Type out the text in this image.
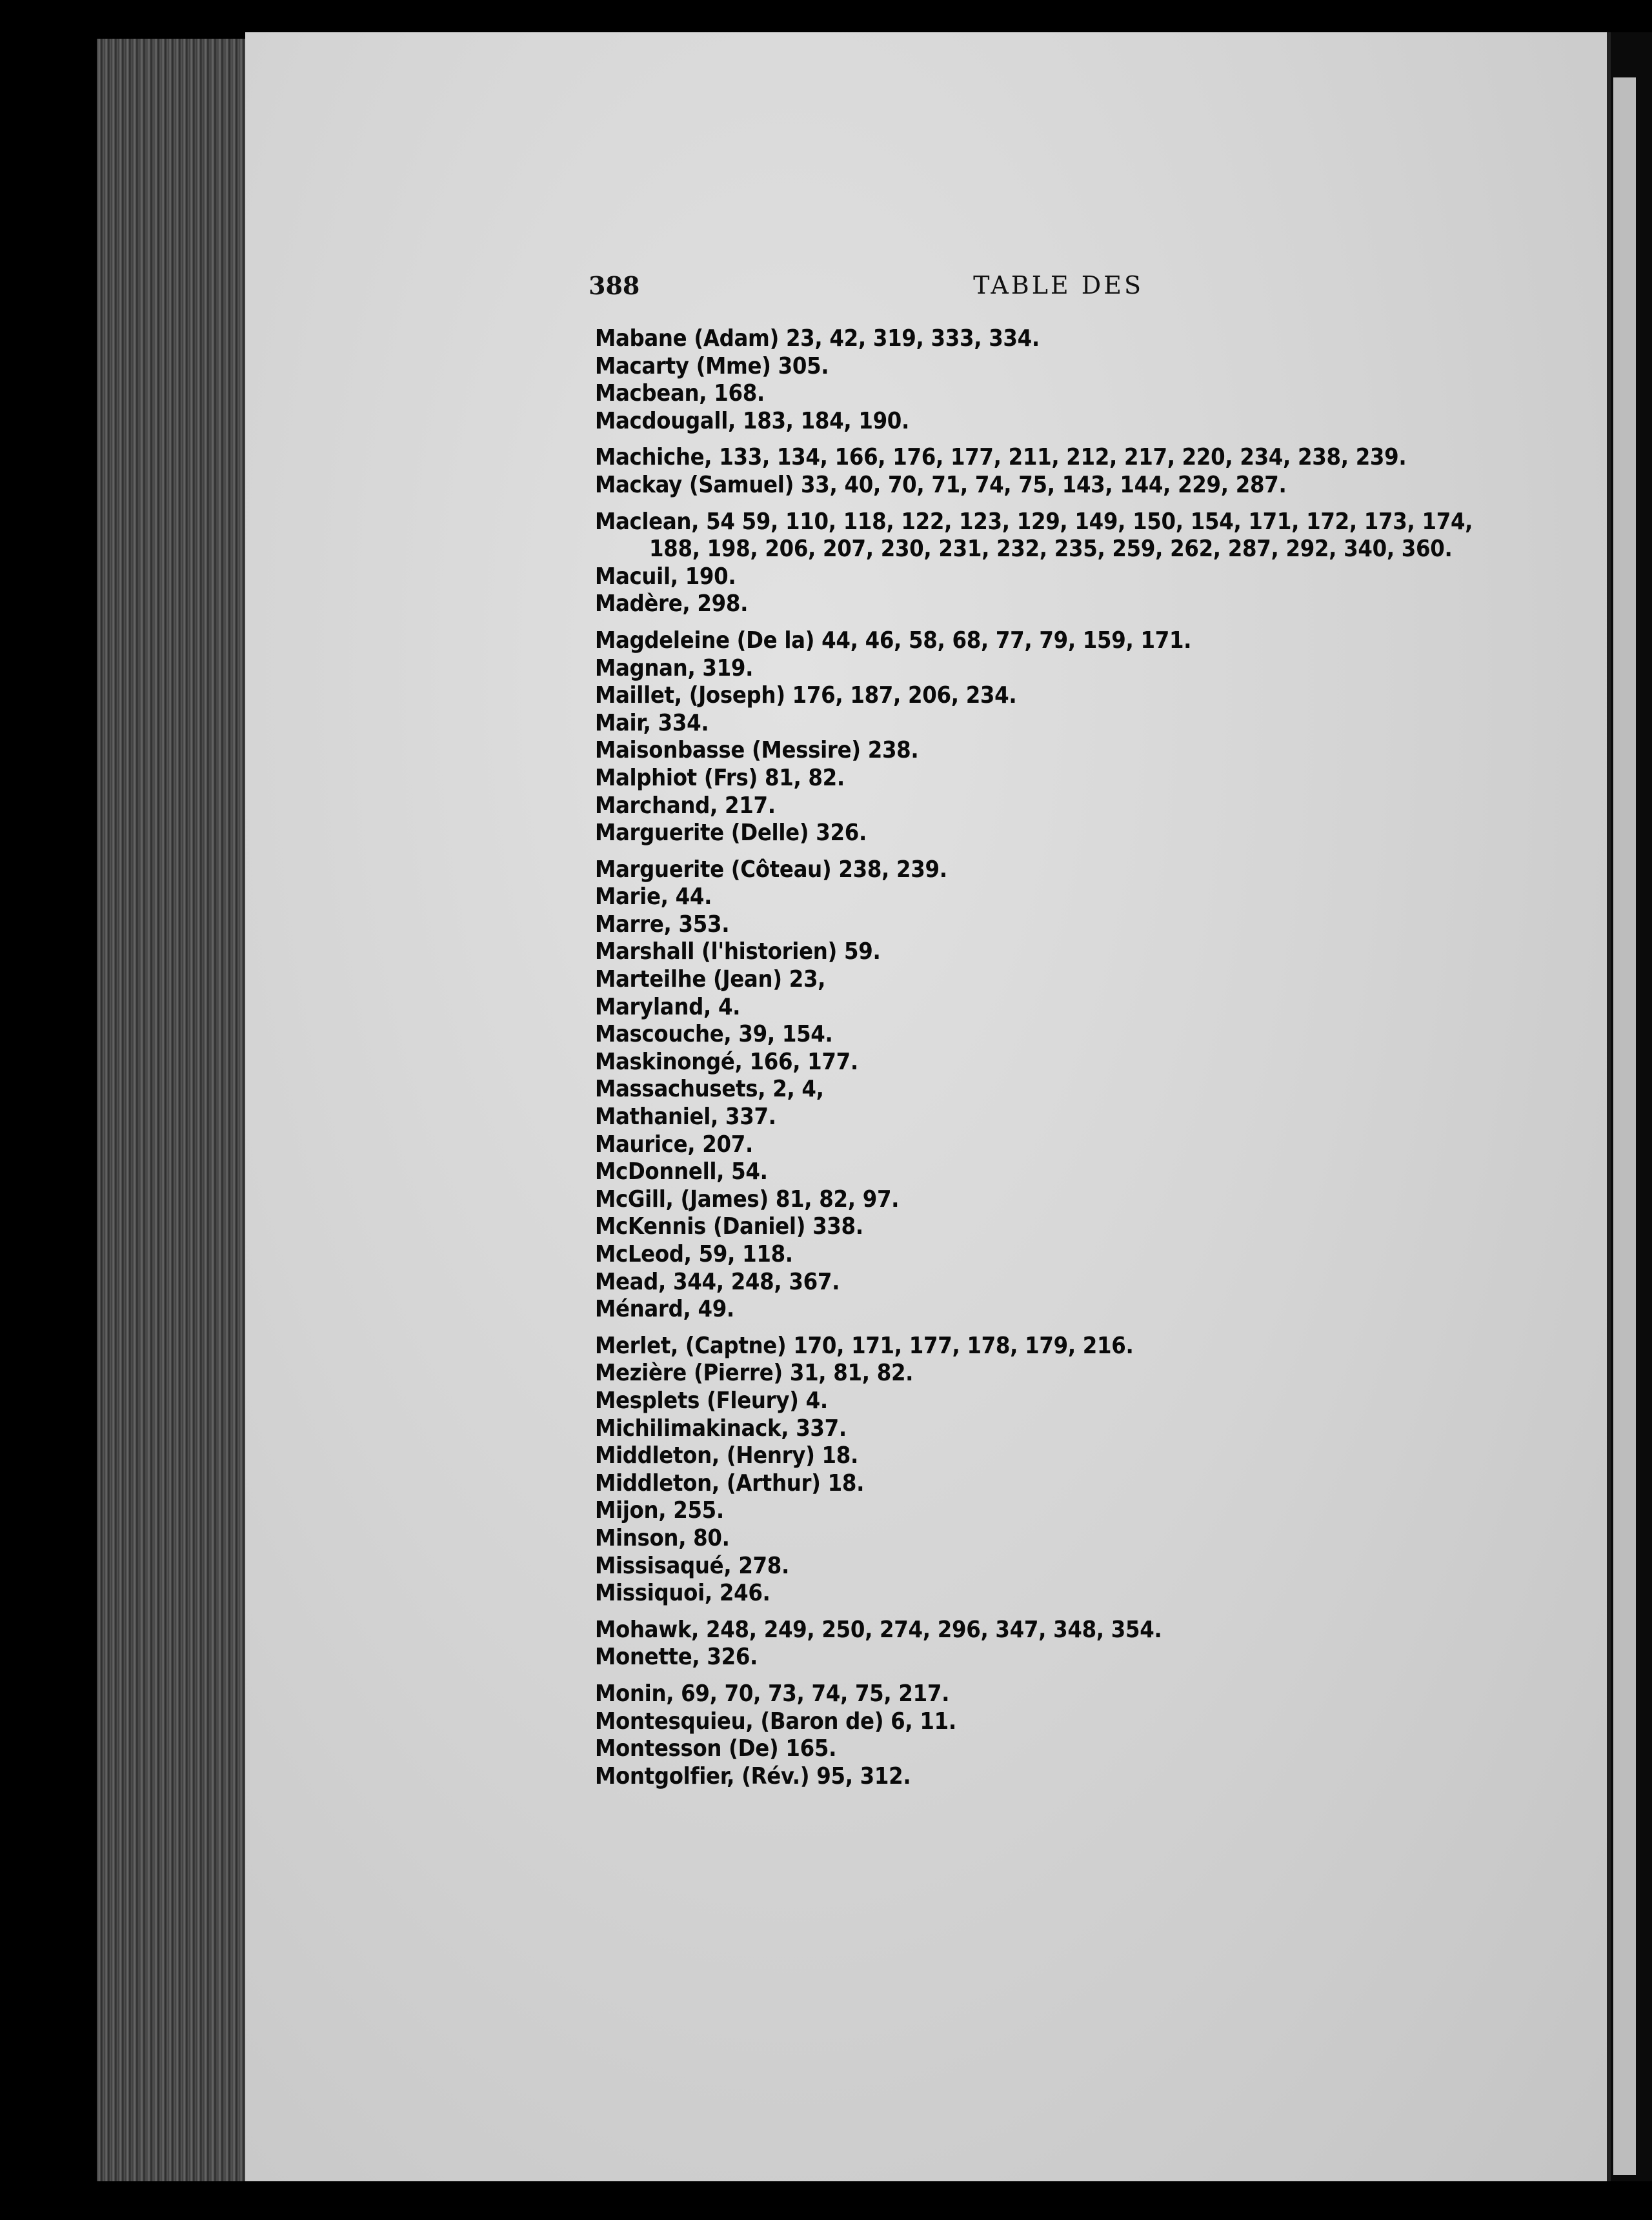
388	TABLE DES
Mabane (Adam) 23, 42, 319, 333, 334.
Macarty (Mme) 305.
Macbean, 168.
Macdougall, 183, 184, 190.
Machiche, 133, 134, 166, 176, 177, 211, 212, 217, 220, 234, 238, 239.
Mackay (Samuel) 33, 40, 70, 71, 74, 75, 143, 144, 229, 287.
Maclean, 54 59, 110, 118, 122, 123, 129, 149, 150, 154, 171, 172, 173, 174, 188, 198, 206, 207, 230, 231, 232, 235, 259, 262, 287, 292, 340, 360.
Macuil, 190.
Madère, 298.
Magdeleine (De la) 44, 46, 58, 68, 77, 79, 159, 171.
Magnan, 319.
Maillet, (Joseph) 176, 187, 206, 234.
Mair, 334.
Maisonbasse (Messire) 238.
Malphiot (Frs) 81, 82.
Marchand, 217.
Marguerite (Delle) 326.
Marguerite (Côteau) 238, 239.
Marie, 44.
Marre, 353.
Marshall (l'historien) 59.
Marteilhe (Jean) 23,
Maryland, 4.
Mascouche, 39, 154.
Maskinongé, 166, 177.
Massachusets, 2, 4,
Mathaniel, 337.
Maurice, 207.
McDonnell, 54.
McGill, (James) 81, 82, 97.
McKennis (Daniel) 338.
McLeod, 59, 118.
Mead, 344, 248, 367.
Ménard, 49.
Merlet, (Captne) 170, 171, 177, 178, 179, 216.
Mezière (Pierre) 31, 81, 82.
Mesplets (Fleury) 4.
Michilimakinack, 337.
Middleton, (Henry) 18.
Middleton, (Arthur) 18.
Mijon, 255.
Minson, 80.
Missisaqué, 278.
Missiquoi, 246.
Mohawk, 248, 249, 250, 274, 296, 347, 348, 354.
Monette, 326.
Monin, 69, 70, 73, 74, 75, 217.
Montesquieu, (Baron de) 6, 11.
Montesson (De) 165.
Montgolfier, (Rév.) 95, 312.
